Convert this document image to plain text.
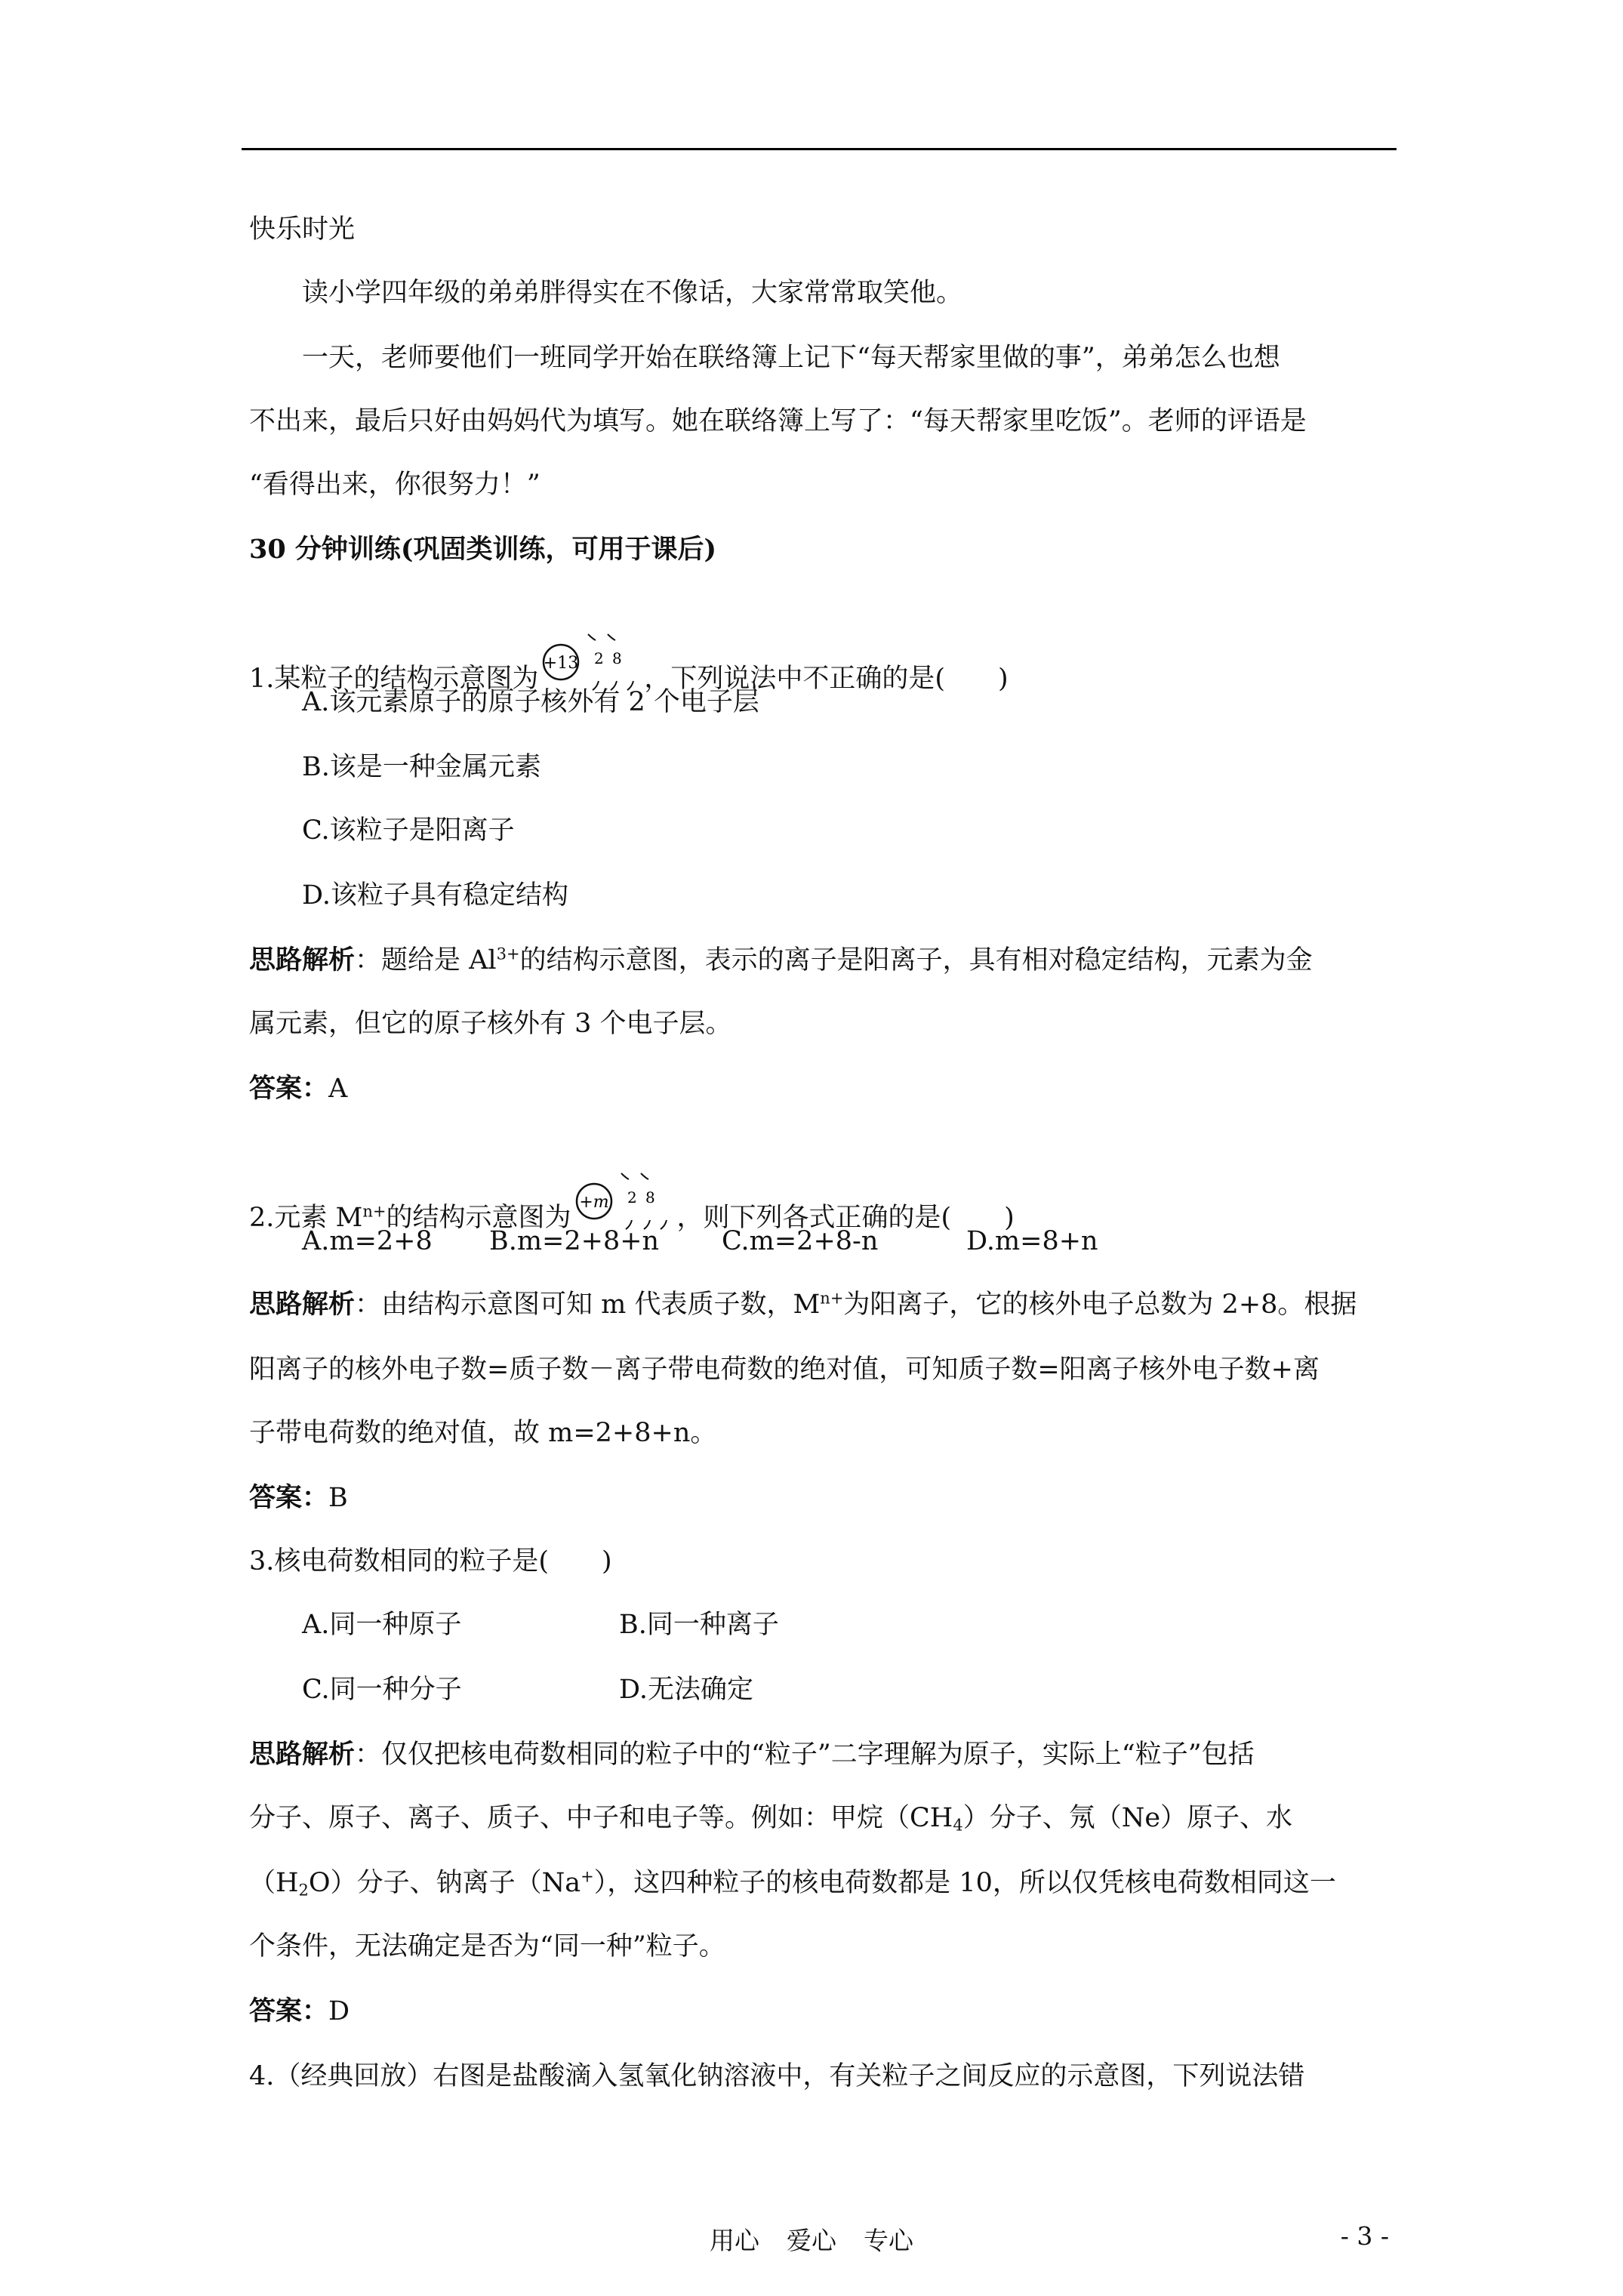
快乐时光
读小学四年级的弟弟胖得实在不像话，大家常常取笑他。
一天，老师要他们一班同学开始在联络簿上记下“每天帮家里做的事”，弟弟怎么也想
不出来，最后只好由妈妈代为填写。她在联络簿上写了：“每天帮家里吃饭”。老师的评语是
“看得出来，你很努力！”
30 分钟训练(巩固类训练，可用于课后)
1.某粒子的结构示意图为
+13 2 8
，下列说法中不正确的是(　　)
A.该元素原子的原子核外有 2 个电子层
B.该是一种金属元素
C.该粒子是阳离子
D.该粒子具有稳定结构
思路解析：题给是 $Al^{3+}$的结构示意图，表示的离子是阳离子，具有相对稳定结构，元素为金
属元素，但它的原子核外有 3 个电子层。
答案：A
2.元素 $M^{n+}$的结构示意图为
+m 2 8
，则下列各式正确的是(　　)
A.m=2+8 B.m=2+8+n C.m=2+8-n	D.m=8+n
思路解析：由结构示意图可知 m 代表质子数，$M^{n+}$为阳离子，它的核外电子总数为 2+8。根据
阳离子的核外电子数=质子数－离子带电荷数的绝对值，可知质子数=阳离子核外电子数+离
子带电荷数的绝对值，故 m=2+8+n。
答案：B
3.核电荷数相同的粒子是(　　)
A.同一种原子	B.同一种离子
C.同一种分子	D.无法确定
思路解析：仅仅把核电荷数相同的粒子中的“粒子”二字理解为原子，实际上“粒子”包括
分子、原子、离子、质子、中子和电子等。例如：甲烷$(CH_4)$分子、氖（Ne）原子、水
$(H_2O)$分子、钠离子（Na+），这四种粒子的核电荷数都是 10，所以仅凭核电荷数相同这一
个条件，无法确定是否为“同一种”粒子。
答案：D
4.（经典回放）右图是盐酸滴入氢氧化钠溶液中，有关粒子之间反应的示意图，下列说法错
用心 爱心 专心	- 3 -
